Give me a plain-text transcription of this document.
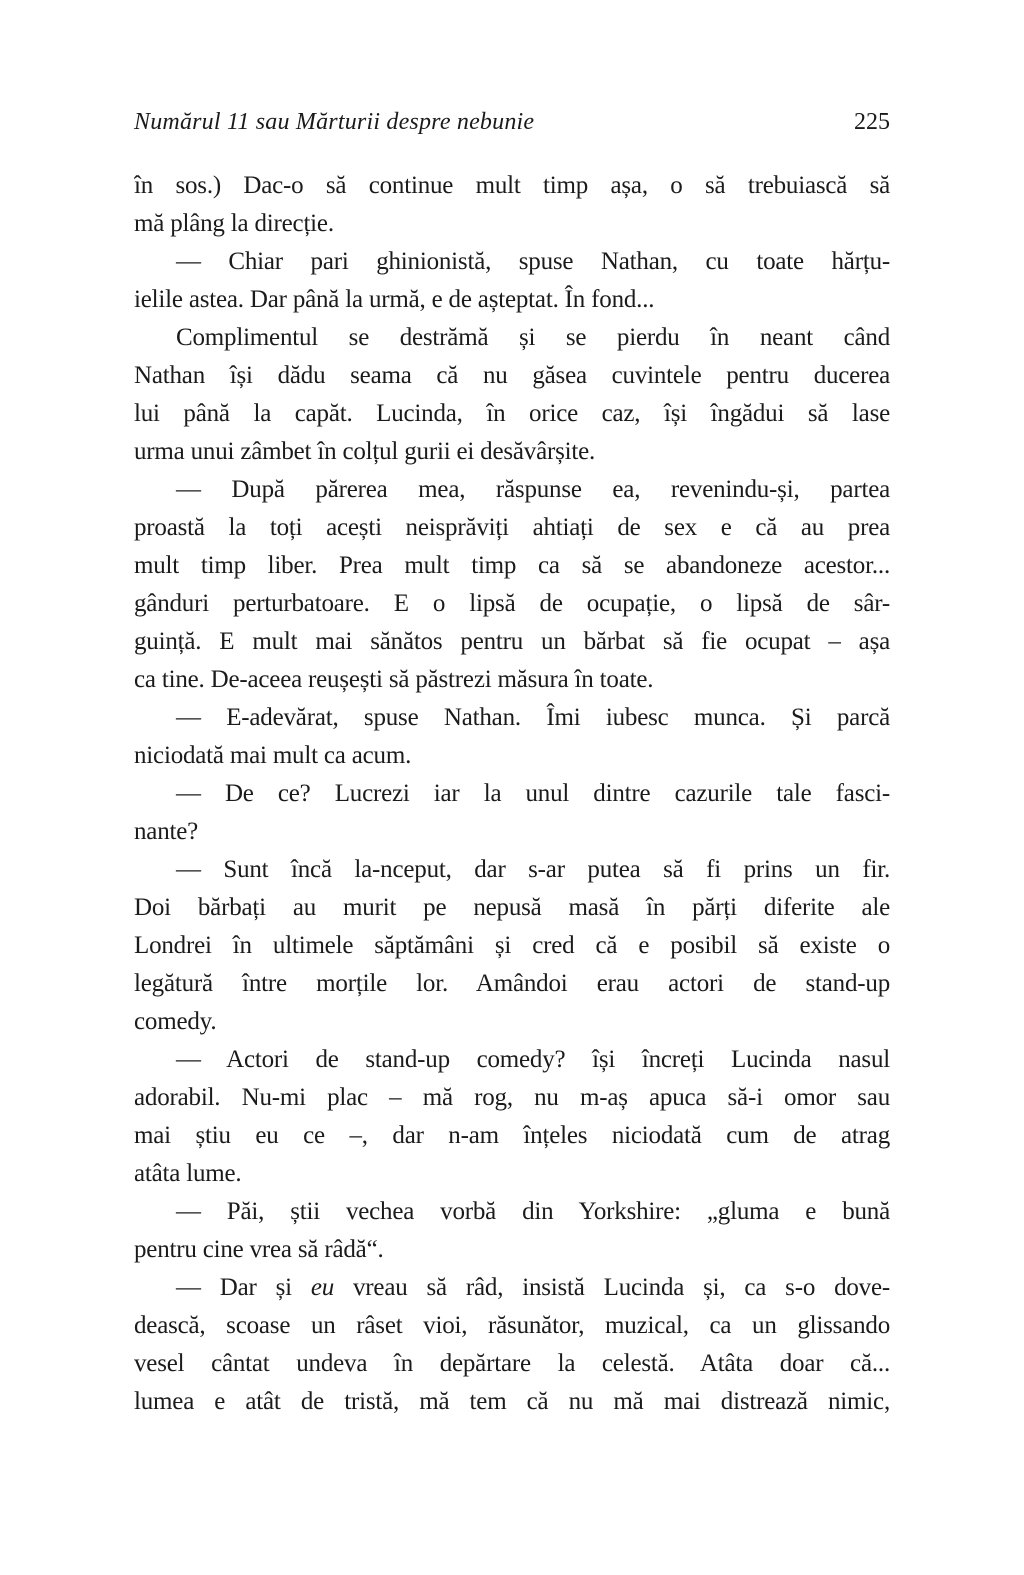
Numărul 11 sau Mărturii despre nebunie	225
în sos.) Dac-o să continue mult timp așa, o să trebuiască să
mă plâng la direcție.
— Chiar pari ghinionistă, spuse Nathan, cu toate hărțu-
ielile astea. Dar până la urmă, e de așteptat. În fond...
Complimentul se destrămă și se pierdu în neant când
Nathan își dădu seama că nu găsea cuvintele pentru ducerea
lui până la capăt. Lucinda, în orice caz, își îngădui să lase
urma unui zâmbet în colțul gurii ei desăvârșite.
— După părerea mea, răspunse ea, revenindu-și, partea
proastă la toți acești neisprăviți ahtiați de sex e că au prea
mult timp liber. Prea mult timp ca să se abandoneze acestor...
gânduri perturbatoare. E o lipsă de ocupație, o lipsă de sâr-
guință. E mult mai sănătos pentru un bărbat să fie ocupat – așa
ca tine. De-aceea reușești să păstrezi măsura în toate.
— E-adevărat, spuse Nathan. Îmi iubesc munca. Și parcă
niciodată mai mult ca acum.
— De ce? Lucrezi iar la unul dintre cazurile tale fasci-
nante?
— Sunt încă la-nceput, dar s-ar putea să fi prins un fir.
Doi bărbați au murit pe nepusă masă în părți diferite ale
Londrei în ultimele săptămâni și cred că e posibil să existe o
legătură între morțile lor. Amândoi erau actori de stand-up
comedy.
— Actori de stand-up comedy? își încreți Lucinda nasul
adorabil. Nu-mi plac – mă rog, nu m-aș apuca să-i omor sau
mai știu eu ce –, dar n-am înțeles niciodată cum de atrag
atâta lume.
— Păi, știi vechea vorbă din Yorkshire: „gluma e bună
pentru cine vrea să râdă“.
— Dar și eu vreau să râd, insistă Lucinda și, ca s-o dove-
dească, scoase un râset vioi, răsunător, muzical, ca un glissando
vesel cântat undeva în depărtare la celestă. Atâta doar că...
lumea e atât de tristă, mă tem că nu mă mai distrează nimic,
